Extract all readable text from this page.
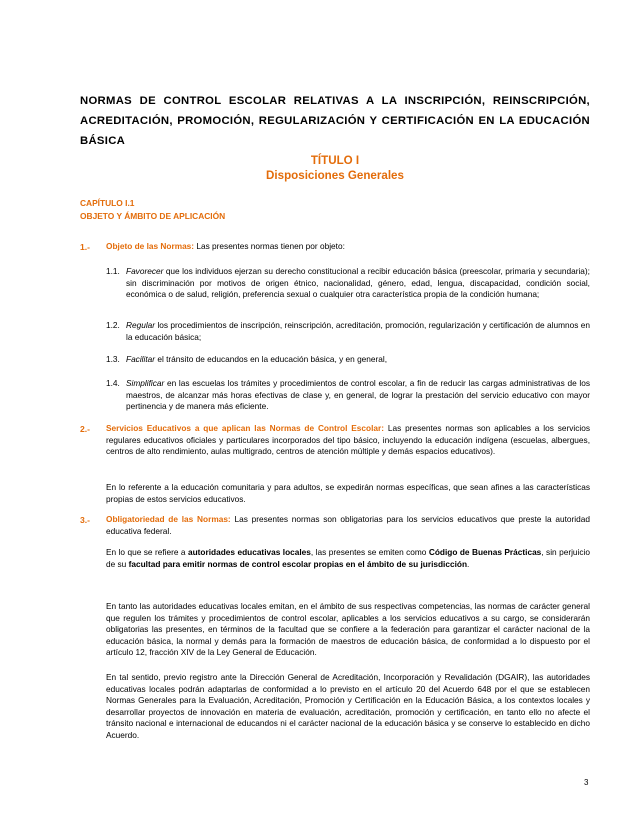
NORMAS DE CONTROL ESCOLAR RELATIVAS A LA INSCRIPCIÓN, REINSCRIPCIÓN, ACREDITACIÓN, PROMOCIÓN, REGULARIZACIÓN Y CERTIFICACIÓN EN LA EDUCACIÓN BÁSICA

TÍTULO I
Disposiciones Generales
CAPÍTULO I.1
OBJETO Y ÁMBITO DE APLICACIÓN
1.- Objeto de las Normas: Las presentes normas tienen por objeto:

1.1. Favorecer que los individuos ejerzan su derecho constitucional a recibir educación básica (preescolar, primaria y secundaria); sin discriminación por motivos de origen étnico, nacionalidad, género, edad, lengua, discapacidad, condición social, económica o de salud, religión, preferencia sexual o cualquier otra característica propia de la condición humana;

1.2. Regular los procedimientos de inscripción, reinscripción, acreditación, promoción, regularización y certificación de alumnos en la educación básica;

1.3. Facilitar el tránsito de educandos en la educación básica, y en general,

1.4. Simplificar en las escuelas los trámites y procedimientos de control escolar, a fin de reducir las cargas administrativas de los maestros, de alcanzar más horas efectivas de clase y, en general, de lograr la prestación del servicio educativo con mayor pertinencia y de manera más eficiente.

2.- Servicios Educativos a que aplican las Normas de Control Escolar: Las presentes normas son aplicables a los servicios regulares educativos oficiales y particulares incorporados del tipo básico, incluyendo la educación indígena (escuelas, albergues, centros de alto rendimiento, aulas multigrado, centros de atención múltiple y demás espacios educativos).

En lo referente a la educación comunitaria y para adultos, se expedirán normas específicas, que sean afines a las características propias de estos servicios educativos.

3.- Obligatoriedad de las Normas: Las presentes normas son obligatorias para los servicios educativos que preste la autoridad educativa federal.

En lo que se refiere a autoridades educativas locales, las presentes se emiten como Código de Buenas Prácticas, sin perjuicio de su facultad para emitir normas de control escolar propias en el ámbito de su jurisdicción.

En tanto las autoridades educativas locales emitan, en el ámbito de sus respectivas competencias, las normas de carácter general que regulen los trámites y procedimientos de control escolar, aplicables a los servicios educativos a su cargo, se considerarán obligatorias las presentes, en términos de la facultad que se confiere a la federación para garantizar el carácter nacional de la educación básica, la normal y demás para la formación de maestros de educación básica, de conformidad a lo dispuesto por el artículo 12, fracción XIV de la Ley General de Educación.

En tal sentido, previo registro ante la Dirección General de Acreditación, Incorporación y Revalidación (DGAIR), las autoridades educativas locales podrán adaptarlas de conformidad a lo previsto en el artículo 20 del Acuerdo 648 por el que se establecen Normas Generales para la Evaluación, Acreditación, Promoción y Certificación en la Educación Básica, a los contextos locales y desarrollar proyectos de innovación en materia de evaluación, acreditación, promoción y certificación, en tanto ello no afecte el tránsito nacional e internacional de educandos ni el carácter nacional de la educación básica y se conserve lo establecido en dicho Acuerdo.

3
